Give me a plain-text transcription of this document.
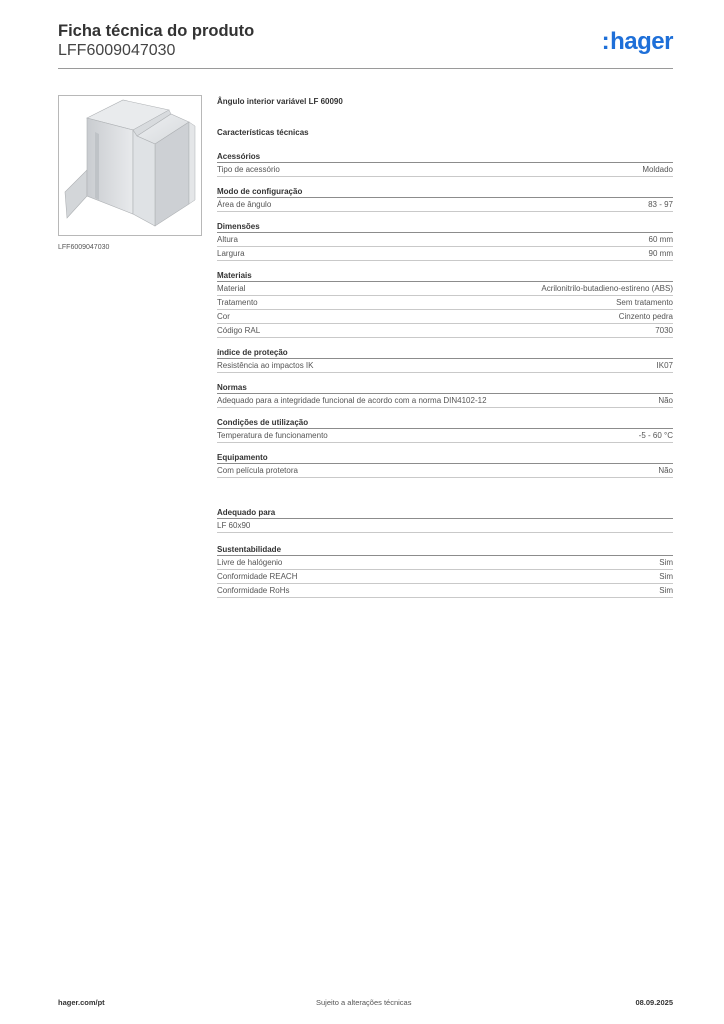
Ficha técnica do produto
LFF6009047030	:hager
LFF6009047030
Ângulo interior variável LF 60090
Características técnicas
Acessórios
Tipo de acessório	Moldado
Modo de configuração
Área de ângulo	83 - 97
Dimensões
Altura	60 mm
Largura	90 mm
Materiais
Material	Acrilonitrilo-butadieno-estireno (ABS)
Tratamento	Sem tratamento
Cor	Cinzento pedra
Código RAL	7030
índice de proteção
Resistência ao impactos IK	IK07
Normas
Adequado para a integridade funcional de acordo com a norma DIN4102-12	Não
Condições de utilização
Temperatura de funcionamento	-5 - 60 °C
Equipamento
Com película protetora	Não
Adequado para
LF 60x90
Sustentabilidade
Livre de halógenio	Sim
Conformidade REACH	Sim
Conformidade RoHs	Sim
hager.com/pt	Sujeito a alterações técnicas	08.09.2025
